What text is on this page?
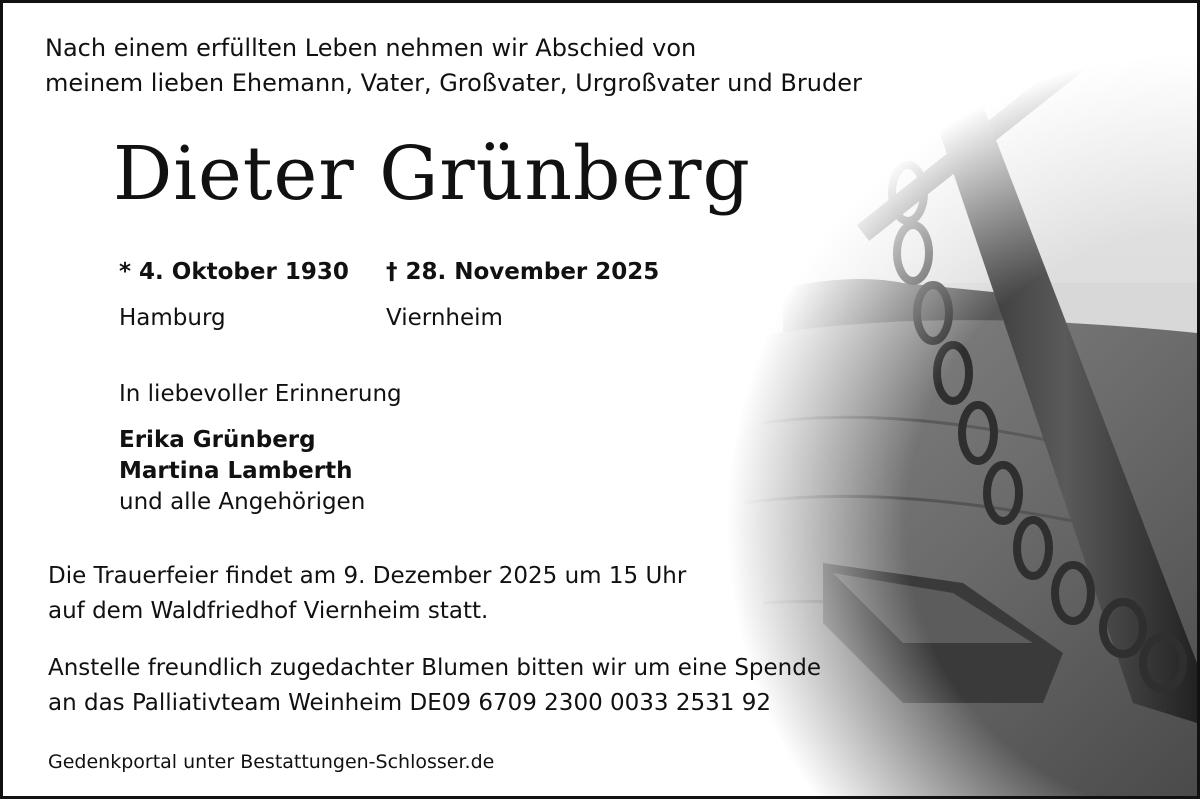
Nach einem erfüllten Leben nehmen wir Abschied von
meinem lieben Ehemann, Vater, Großvater, Urgroßvater und Bruder
Dieter Grünberg
* 4. Oktober 1930 † 28. November 2025
Hamburg	Viernheim
In liebevoller Erinnerung
Erika Grünberg
Martina Lamberth
und alle Angehörigen
Die Trauerfeier findet am 9. Dezember 2025 um 15 Uhr
auf dem Waldfriedhof Viernheim statt.
Anstelle freundlich zugedachter Blumen bitten wir um eine Spende
an das Palliativteam Weinheim DE09 6709 2300 0033 2531 92
Gedenkportal unter Bestattungen-Schlosser.de
